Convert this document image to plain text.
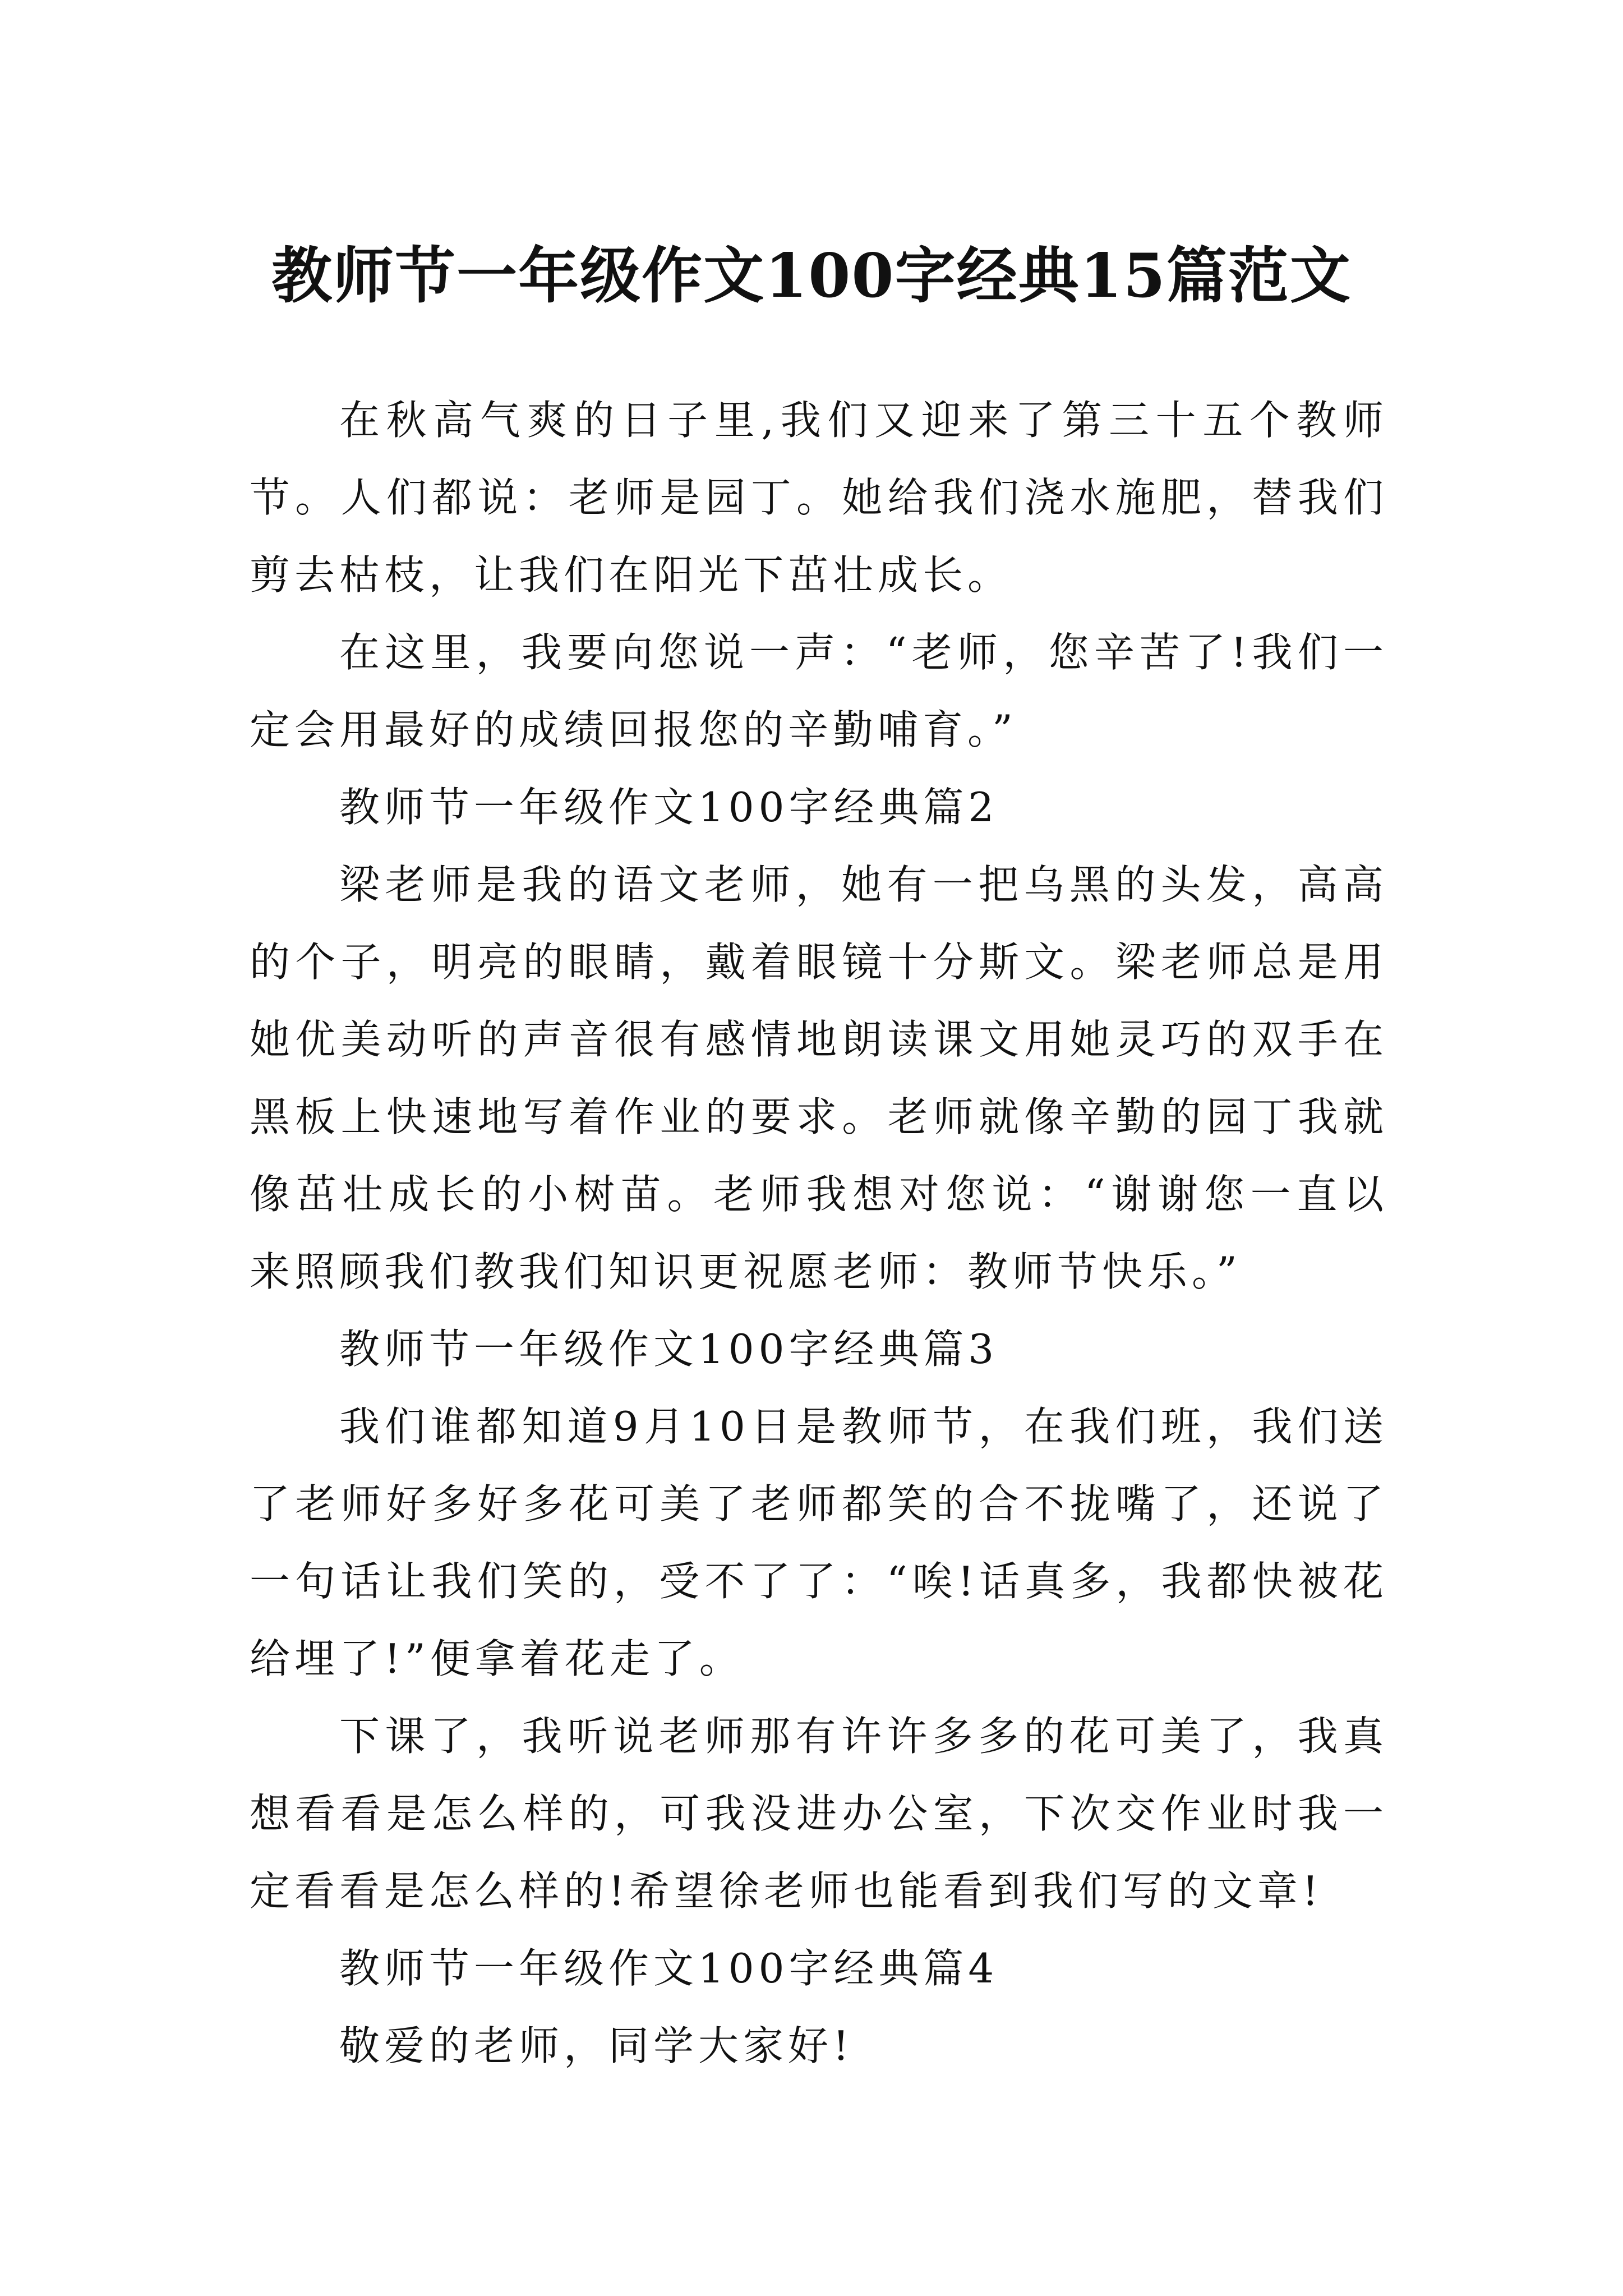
教师节一年级作文100字经典15篇范文

在秋高气爽的日子里,我们又迎来了第三十五个教师节。人们都说：老师是园丁。她给我们浇水施肥，替我们剪去枯枝，让我们在阳光下茁壮成长。

在这里，我要向您说一声：“老师，您辛苦了!我们一定会用最好的成绩回报您的辛勤哺育。”

教师节一年级作文100字经典篇2

梁老师是我的语文老师，她有一把乌黑的头发，高高的个子，明亮的眼睛，戴着眼镜十分斯文。梁老师总是用她优美动听的声音很有感情地朗读课文用她灵巧的双手在黑板上快速地写着作业的要求。老师就像辛勤的园丁我就像茁壮成长的小树苗。老师我想对您说：“谢谢您一直以来照顾我们教我们知识更祝愿老师：教师节快乐。”

教师节一年级作文100字经典篇3

我们谁都知道9月10日是教师节，在我们班，我们送了老师好多好多花可美了老师都笑的合不拢嘴了，还说了一句话让我们笑的，受不了了：“唉!话真多，我都快被花给埋了!”便拿着花走了。

下课了，我听说老师那有许许多多的花可美了，我真想看看是怎么样的，可我没进办公室，下次交作业时我一定看看是怎么样的!希望徐老师也能看到我们写的文章!

教师节一年级作文100字经典篇4

敬爱的老师，同学大家好!
